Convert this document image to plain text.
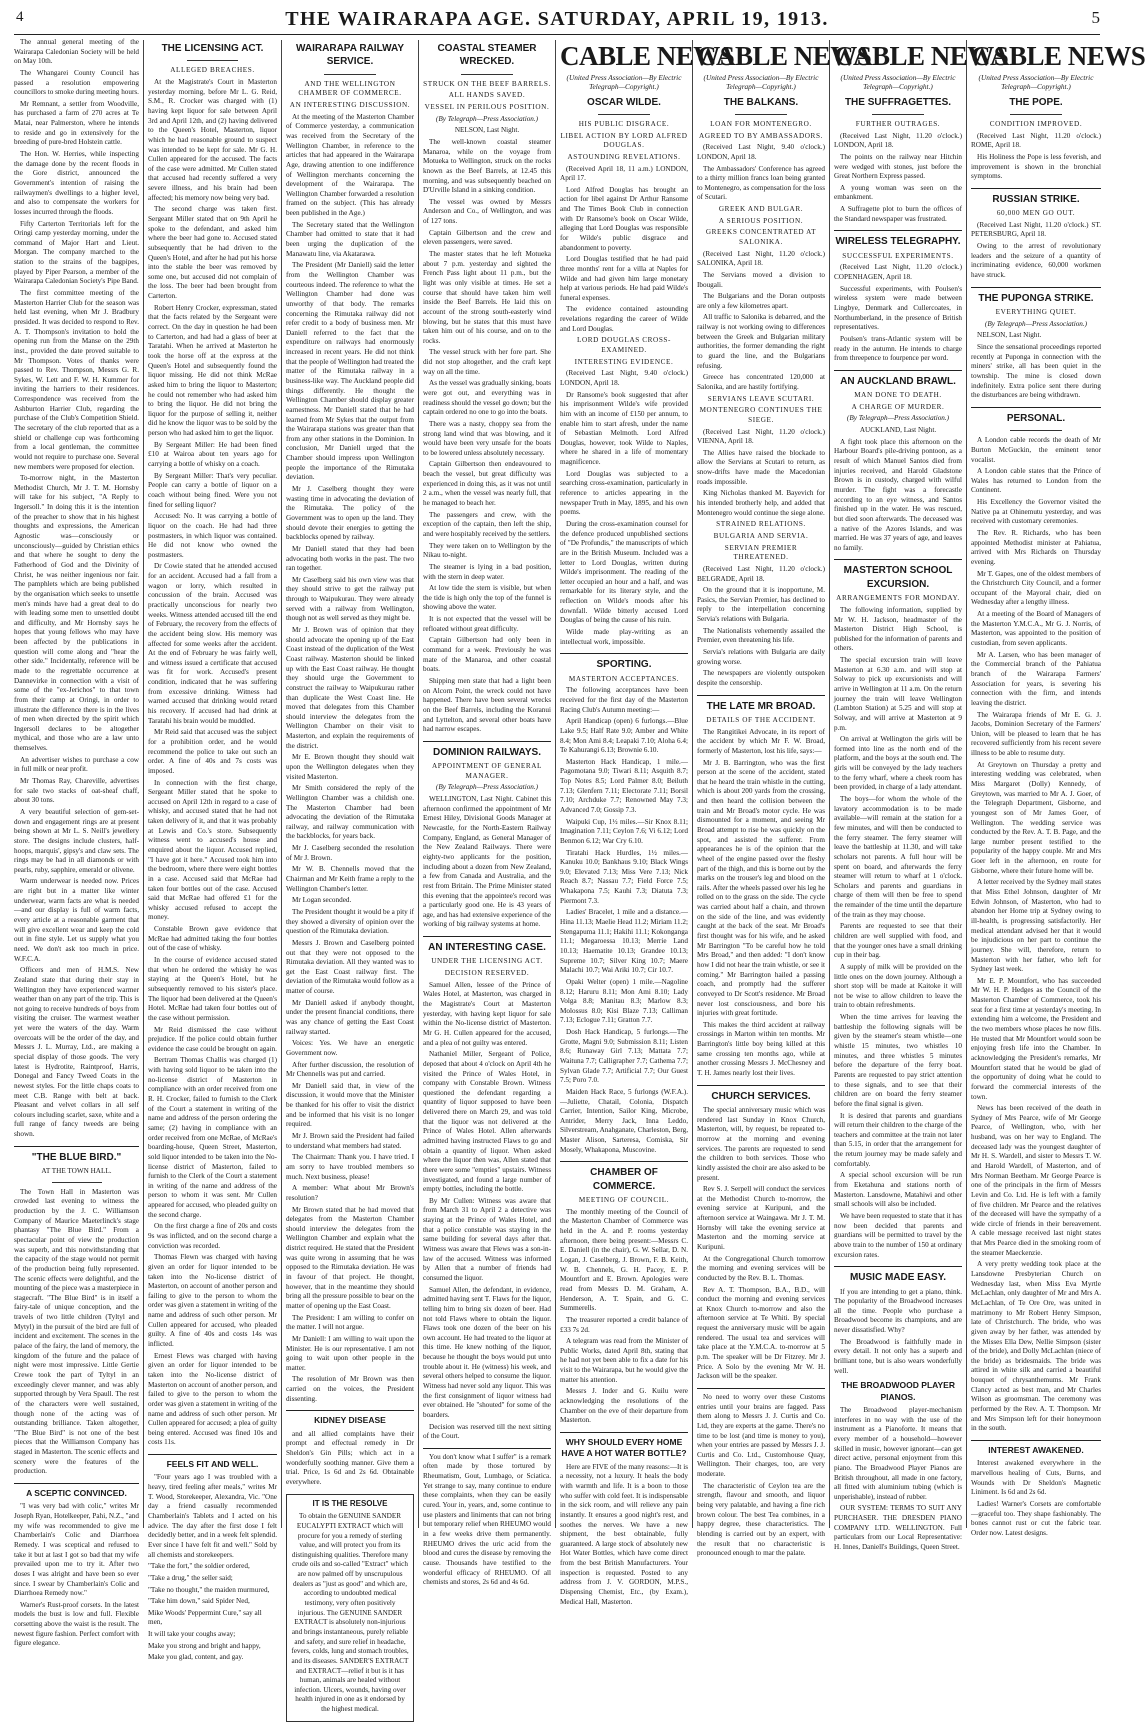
4	THE WAIRARAPA AGE. SATURDAY, APRIL 19, 1913.	5

The annual general meeting of the Wairarapa Caledonian Society will be held on May 10th.

The Whangarei County Council has passed a resolution empowering councillors to smoke during meeting hours.

Mr Remnant, a settler from Woodville, has purchased a farm of 270 acres at Te Matai, near Palmerston, where he intends to reside and go in extensively for the breeding of pure-bred Holstein cattle.

The Hon. W. Herries, while inspecting the damage done by the recent floods in the Gore district, announced the Government's intention of raising the railwaymen's dwellings to a higher level, and also to compensate the workers for losses incurred through the floods.

Fifty Carterton Territorials left for the Oringi camp yesterday morning, under the command of Major Hart and Lieut. Morgan. The company marched to the station to the strains of the bagpipes, played by Piper Pearson, a member of the Wairarapa Caledonian Society's Pipe Band.

The first committee meeting of the Masterton Harrier Club for the season was held last evening, when Mr J. Bradbury presided. It was decided to respond to Rev. A. T. Thompson's invitation to hold the opening run from the Manse on the 29th inst., provided the date proved suitable to Mr Thompson. Votes of thanks were passed to Rev. Thompson, Messrs G. R. Sykes, W. Lett and F. W. H. Kummer for inviting the harriers to their residences. Correspondence was received from the Ashburton Harrier Club, regarding the purchase of the Club's Competition Shield. The secretary of the club reported that as a shield or challenge cup was forthcoming from a local gentleman, the committee would not require to purchase one. Several new members were proposed for election.

To-morrow night, in the Masterton Methodist Church, Mr J. T. M. Hornsby will take for his subject, "A Reply to Ingersoll." In doing this it is the intention of the preacher to show that in his highest thoughts and expressions, the American Agnostic was—consciously or unconsciously—guided by Christian ethics and that where he sought to deny the Fatherhood of God and the Divinity of Christ, he was neither ingenious nor fair. The pamphlets which are being published by the organisation which seeks to unsettle men's minds have had a great deal to do with leading some men to unsettled doubt and difficulty, and Mr Hornsby says he hopes that young fellows who may have been affected by the publications in question will come along and "hear the other side." Incidentally, reference will be made to the regrettable occurrence at Dannevirke in connection with a visit of some of the "ex-Jerichos" to that town from their camp at Oringi, in order to illustrate the difference there is in the lives of men when directed by the spirit which Ingersoll declares to be altogether mythical, and those who are a law unto themselves.

An advertiser wishes to purchase a cow in full milk or near profit.

Mr Thomas Ray, Chareville, advertises for sale two stacks of oat-sheaf chaff, about 30 tons.

A very beautiful selection of gem-set-down and engagement rings are at present being shown at Mr L. S. Neill's jewellery store. The designs include clusters, half-hoops, marquis', gipsy's and claw sets. The rings may be had in all diamonds or with pearls, ruby, sapphire, emerald or olivene.

Warm underwear is needed now. Prices are right but in a matter like winter underwear, warm facts are what is needed—and our display is full of warm facts, every article at a reasonable garment that will give excellent wear and keep the cold out in fine style. Let us supply what you need. We don't ask too much in price. W.F.C.A.

Officers and men of H.M.S. New Zealand state that during their stay in Wellington they have experienced warmer weather than on any part of the trip. This is not going to receive hundreds of boys from visiting the cruiser. The warmest weather yet were the waters of the day. Warm overcoats will be the order of the day, and Messrs J. L. Murray, Ltd., are making a special display of those goods. The very latest is Hydrotite, Raintproof, Harris, Donegal and Fancy Tweed Coats in the newest styles. For the little chaps coats to meet C.B. Range with belt at back. Pleasant and velvet collars in all self colours including scarlet, saxe, white and a full range of fancy tweeds are being shown.

"THE BLUE BIRD."
AT THE TOWN HALL.

The Town Hall in Masterton was crowded last evening to witness the production by the J. C. Williamson Company of Maurice Maeterlinck's stage phantasy "The Blue Bird." From a spectacular point of view the production was superb, and this notwithstanding that the capacity of the stage would not permit of the production being fully represented. The scenic effects were delightful, and the mounting of the piece was a masterpiece in stagecraft. "The Blue Bird" is in itself a fairy-tale of unique conception, and the travels of two little children (Tyltyl and Mytyl) in the pursuit of the bird are full of incident and excitement. The scenes in the palace of the fairy, the land of memory, the kingdom of the future and the palace of night were most impressive. Little Gertie Crewe took the part of Tyltyl in an exceedingly clever manner, and was ably supported through by Vera Spaull. The rest of the characters were well sustained, though none of the acting was of outstanding brilliance. Taken altogether, "The Blue Bird" is not one of the best pieces that the Williamson Company has staged in Masterton. The scenic effects and scenery were the features of the production.

A SCEPTIC CONVINCED.

"I was very bad with colic," writes Mr Joseph Ryan, Hotelkeeper, Pahi, N.Z., "and my wife was recommended to give me Chamberlain's Colic and Diarrhoea Remedy. I was sceptical and refused to take it but at last I got so bad that my wife prevailed upon me to try it. After two doses I was alright and have been so ever since. I swear by Chamberlain's Colic and Diarrhoea Remedy now."

Warner's Rust-proof corsets. In the latest models the bust is low and full. Flexible corsetting above the waist is the result. The newest figure fashion. Perfect comfort with figure elegance.

THE LICENSING ACT.
ALLEGED BREACHES.

At the Magistrate's Court in Masterton yesterday morning, before Mr L. G. Reid, S.M., R. Crocker was charged with (1) having kept liquor for sale between April 3rd and April 12th, and (2) having delivered to the Queen's Hotel, Masterton, liquor which he had reasonable ground to suspect was intended to be kept for sale. Mr G. H. Cullen appeared for the accused. The facts of the case were admitted. Mr Cullen stated that accused had recently suffered a very severe illness, and his brain had been affected; his memory now being very bad.

The second charge was taken first. Sergeant Miller stated that on 9th April he spoke to the defendant, and asked him where the beer had gone to. Accused stated subsequently that he had driven to the Queen's Hotel, and after he had put his horse into the stable the beer was removed by some one, but accused did not complain of the loss. The beer had been brought from Carterton.

Robert Henry Crocker, expressman, stated that the facts related by the Sergeant were correct. On the day in question he had been to Carterton, and had had a glass of beer at Taratahi. When he arrived at Masterton he took the horse off at the express at the Queen's Hotel and subsequently found the liquor missing. He did not think McRae asked him to bring the liquor to Masterton; he could not remember who had asked him to bring the liquor. He did not bring the liquor for the purpose of selling it, neither did he know the liquor was to be sold by the person who had asked him to get the liquor.

By Sergeant Miller: He had been fined £10 at Wairoa about ten years ago for carrying a bottle of whisky on a coach.

By Sergeant Miller: That's very peculiar. People can carry a bottle of liquor on a coach without being fined. Were you not fined for selling liquor?

Accused: No. It was carrying a bottle of liquor on the coach. He had had three postmasters, in which liquor was contained. He did not know who owned the postmasters.

Dr Cowie stated that he attended accused for an accident. Accused had a fall from a wagon or lorry, which resulted in concussion of the brain. Accused was practically unconscious for nearly two weeks. Witness attended accused till the end of February, the recovery from the effects of the accident being slow. His memory was affected for some weeks after the accident. At the end of February he was fairly well, and witness issued a certificate that accused was fit for work. Accused's present condition, indicated that he was suffering from excessive drinking. Witness had warned accused that drinking would retard his recovery. If accused had had drink at Taratahi his brain would be muddled.

Mr Reid said that accused was the subject for a prohibition order, and he would recommend the police to take out such an order. A fine of 40s and 7s costs was imposed.

In connection with the first charge, Sergeant Miller stated that he spoke to accused on April 12th in regard to a case of whisky, and accused stated that he had not taken delivery of it, and that it was probably at Lewis and Co.'s store. Subsequently witness went to accused's house and enquired about the liquor. Accused replied, "I have got it here." Accused took him into the bedroom, where there were eight bottles in a case. Accused said that McRae had taken four bottles out of the case. Accused said that McRae had offered £1 for the whisky accused refused to accept the money.

Constable Brown gave evidence that McRae had admitted taking the four bottles out of the case of whisky.

In the course of evidence accused stated that when he ordered the whisky he was staying at the Queen's Hotel, but he subsequently removed to his sister's place. The liquor had been delivered at the Queen's Hotel. McRae had taken four bottles out of the case without permission.

Mr Reid dismissed the case without prejudice. If the police could obtain further evidence the case could be brought on again.

Bertram Thomas Challis was charged (1) with having sold liquor to be taken into the no-license district of Masterton in compliance with an order received from one R. H. Crocker, failed to furnish to the Clerk of the Court a statement in writing of the name and address of the person ordering the same; (2) having in compliance with an order received from one McRae, of McRae's boarding-house, Queen Street, Masterton, sold liquor intended to be taken into the No-license district of Masterton, failed to furnish to the Clerk of the Court a statement in writing of the name and address of the person to whom it was sent. Mr Cullen appeared for accused, who pleaded guilty on the second charge.

On the first charge a fine of 20s and costs 9s was inflicted, and on the second charge a conviction was recorded.

Thomas Flewn was charged with having given an order for liquor intended to be taken into the No-license district of Masterton, on account of another person and failing to give to the person to whom the order was given a statement in writing of the name and address of such other person. Mr Cullen appeared for accused, who pleaded guilty. A fine of 40s and costs 14s was inflicted.

Ernest Flews was charged with having given an order for liquor intended to be taken into the No-license district of Masterton on account of another person, and failed to give to the person to whom the order was given a statement in writing of the name and address of such other person. Mr Cullen appeared for accused; a plea of guilty being entered. Accused was fined 10s and costs 11s.

FEELS FIT AND WELL.

"Four years ago I was troubled with a heavy, tired feeling after meals," writes Mr T. Wood, Storekeeper, Alexandra, Vic. "One day a friend casually recommended Chamberlain's Tablets and I acted on his advice. The day after the first dose I felt decidedly better, and in a week felt splendid. Ever since I have felt fit and well." Sold by all chemists and storekeepers.

"Take the fort," the soldier ordered,

"Take a drug," the seller said;

"Take no thought," the maiden murmured,

"Take him down," said Spider Ned,

Mike Woods' Peppermint Cure," say all men,

It will take your coughs away;

Make you strong and bright and happy,

Make you glad, content, and gay.

WAIRARAPA RAILWAY SERVICE.
AND THE WELLINGTON CHAMBER OF COMMERCE.
AN INTERESTING DISCUSSION.

At the meeting of the Masterton Chamber of Commerce yesterday, a communication was received from the Secretary of the Wellington Chamber, in reference to the articles that had appeared in the Wairarapa Age, drawing attention to one indifference of Wellington merchants concerning the development of the Wairarapa. The Wellington Chamber forwarded a resolution framed on the subject. (This has already been published in the Age.)

The Secretary stated that the Wellington Chamber had omitted to state that it had been urging the duplication of the Manawatu line, via Akatarawa.

The President (Mr Daniell) said the letter from the Wellington Chamber was courteous indeed. The reference to what the Wellington Chamber had done was unworthy of that body. The remarks concerning the Rimutaka railway did not refer credit to a body of business men. Mr Daniell referred to the fact that the expenditure on railways had enormously increased in recent years. He did not think that the people of Wellington had treated the matter of the Rimutaka railway in a business-like way. The Auckland people did things differently. He thought the Wellington Chamber should display greater earnestness. Mr Daniell stated that he had learned from Mr Sykes that the output from the Wairarapa stations was greater than that from any other stations in the Dominion. In conclusion, Mr Daniell urged that the Chamber should impress upon Wellington people the importance of the Rimutaka deviation.

Mr J. Caselberg thought they were wasting time in advocating the deviation of the Rimutaka. The policy of the Government was to open up the land. They should devote their energies to getting the backblocks opened by railway.

Mr Daniell stated that they had been advocating both works in the past. The two ran together.

Mr Caselberg said his own view was that they should strive to get the railway put through to Waipukurau. They were already served with a railway from Wellington, though not as well served as they might be.

Mr J. Brown was of opinion that they should advocate the opening up of the East Coast instead of the duplication of the West Coast railway. Masterton should be linked up with the East Coast railway. He thought they should urge the Government to construct the railway to Waipukurau rather than duplicate the West Coast line. He moved that delegates from this Chamber should interview the delegates from the Wellington Chamber on their visit to Masterton, and explain the requirements of the district.

Mr E. Brown thought they should wait upon the Wellington delegates when they visited Masterton.

Mr Smith considered the reply of the Wellington Chamber was a childish one. The Masterton Chamber had been advocating the deviation of the Rimutaka railway, and railway communication with the backblocks, for years back.

Mr J. Caselberg seconded the resolution of Mr J. Brown.

Mr W. B. Chennells moved that the Chairman and Mr Keith frame a reply to the Wellington Chamber's letter.

Mr Logan seconded.

The President thought it would be a pity if they showed a diversity of opinion over the question of the Rimutaka deviation.

Messrs J. Brown and Caselberg pointed out that they were not opposed to the Rimutaka deviation. All they wanted was to get the East Coast railway first. The deviation of the Rimutaka would follow as a matter of course.

Mr Daniell asked if anybody thought, under the present financial conditions, there was any chance of getting the East Coast railway started.

Voices: Yes. We have an energetic Government now.

After further discussion, the resolution of Mr Chennells was put and carried.

Mr Daniell said that, in view of the discussion, it would move that the Minister be thanked for his offer to visit the district and be informed that his visit is no longer required.

Mr J. Brown said the President had failed to understand what members had stated.

The Chairman: Thank you. I have tried. I am sorry to have troubled members so much. Next business, please!

A member: What about Mr Brown's resolution?

Mr Brown stated that he had moved that delegates from the Masterton Chamber should interview the delegates from the Wellington Chamber and explain what the district required. He stated that the President was quite wrong in assuming that he was opposed to the Rimutaka deviation. He was in favour of that project. He thought, however, that in the meantime they should bring all the pressure possible to bear on the matter of opening up the East Coast.

The President: I am willing to confer on the matter. I will not argue.

Mr Daniell: I am willing to wait upon the Minister. He is our representative. I am not going to wait upon other people in the matter.

The resolution of Mr Brown was then carried on the voices, the President dissenting.

KIDNEY DISEASE

and all allied complaints have their prompt and effectual remedy in Dr Sheldon's Gin Pills; which act in a wonderfully soothing manner. Give them a trial. Price, 1s 6d and 2s 6d. Obtainable everywhere.

IT IS THE RESOLVE

To obtain the GENUINE SANDER EUCALYPTI EXTRACT which will procure for you a remedy of sterling value, and will protect you from its distinguishing qualities. Therefore many crude oils and so-called "Extract" which are now palmed off by unscrupulous dealers as "just as good" and which are, according to undoubted medical testimony, very often positively injurious. The GENUINE SANDER EXTRACT is absolutely non-injurious and brings instantaneous, purely reliable and safety, and sure relief in headache, fevers, colds, lung and stomach troubles, and its diseases. SANDER'S EXTRACT and EXTRACT—relief it but is it has human, animals are healed without infection. Ulcers, wounds, having over health injured in one as it endorsed by the highest medical.

COASTAL STEAMER WRECKED.
STRUCK ON THE BEEF BARRELS.
ALL HANDS SAVED.
VESSEL IN PERILOUS POSITION.
(By Telegraph—Press Association.)
NELSON, Last Night.

The well-known coastal steamer Manaroa, while on the voyage from Motueka to Wellington, struck on the rocks known as the Beef Barrels, at 12.45 this morning, and was subsequently beached on D'Urville Island in a sinking condition.

The vessel was owned by Messrs Anderson and Co., of Wellington, and was of 127 tons.

Captain Gilbertson and the crew and eleven passengers, were saved.

The master states that he left Motueka about 7 p.m. yesterday and sighted the French Pass light about 11 p.m., but the light was only visible at times. He set a course that should have taken him well inside the Beef Barrels. He laid this on account of the strong south-easterly wind blowing, but he states that this must have taken him out of his course, and on to the rocks.

The vessel struck with her fore part. She did not stop altogether, and the craft kept way on all the time.

As the vessel was gradually sinking, boats were got out, and everything was in readiness should the vessel go down; but the captain ordered no one to go into the boats.

There was a nasty, choppy sea from the strong land wind that was blowing, and it would have been very unsafe for the boats to be lowered unless absolutely necessary.

Captain Gilbertson then endeavoured to beach the vessel, but great difficulty was experienced in doing this, as it was not until 2 a.m., when the vessel was nearly full, that he managed to beach her.

The passengers and crew, with the exception of the captain, then left the ship, and were hospitably received by the settlers.

They were taken on to Wellington by the Nikau to-night.

The steamer is lying in a bad position, with the stern in deep water.

At low tide the stern is visible, but when the tide is high only the top of the funnel is showing above the water.

It is not expected that the vessel will be refloated without great difficulty.

Captain Gilbertson had only been in command for a week. Previously he was mate of the Manaroa, and other coastal boats.

Shipping men state that had a light been on Alcorn Point, the wreck could not have happened. There have been several wrecks on the Beef Barrels, including the Koranui and Lyttelton, and several other boats have had narrow escapes.

DOMINION RAILWAYS.
APPOINTMENT OF GENERAL MANAGER.
(By Telegraph—Press Association.)

WELLINGTON, Last Night. Cabinet this afternoon confirmed the appointment of Mr Ernest Hiley, Divisional Goods Manager at Newcastle, for the North-Eastern Railway Company, England, as General Manager of the New Zealand Railways. There were eighty-two applicants for the position, including about a dozen from New Zealand, a few from Canada and Australia, and the rest from Britain. The Prime Minister stated this evening that the appointee's record was a particularly good one. He is 43 years of age, and has had extensive experience of the working of big railway systems at home.

AN INTERESTING CASE.
UNDER THE LICENSING ACT.
DECISION RESERVED.

Samuel Allen, lessee of the Prince of Wales Hotel, at Masterton, was charged in the Magistrate's Court at Masterton yesterday, with having kept liquor for sale within the No-license district of Masterton. Mr G. H. Cullen appeared for the accused, and a plea of not guilty was entered.

Nathaniel Miller, Sergeant of Police, deposed that about 4 o'clock on April 4th he visited the Prince of Wales Hotel, in company with Constable Brown. Witness questioned the defendant regarding a quantity of liquor supposed to have been delivered there on March 29, and was told that the liquor was not delivered at the Prince of Wales Hotel. Allen afterwards admitted having instructed Flaws to go and obtain a quantity of liquor. When asked where the liquor then was, Allen stated that there were some "empties" upstairs. Witness investigated, and found a large number of empty bottles, including the bottle.

By Mr Cullen: Witness was aware that from March 31 to April 2 a detective was staying at the Prince of Wales Hotel, and that a police constable was staying in the same building for several days after that. Witness was aware that Flews was a son-in-law of the accused. Witness was informed by Allen that a number of friends had consumed the liquor.

Samuel Allen, the defendant, in evidence, admitted having sent T. Flaws for the liquor, telling him to bring six dozen of beer. Had not told Flaws where to obtain the liquor. Flaws took one dozen of the beer on his own account. He had treated to the liquor at this time. He knew nothing of the liquor, because he thought the boys would put unto trouble about it. He (witness) his week, and several others helped to consume the liquor. Witness had never sold any liquor. This was the first consignment of liquor witness had ever obtained. He "shouted" for some of the boarders.

Decision was reserved till the next sitting of the Court.

You don't know what I suffer" is a remark often made by those tortured by Rheumatism, Gout, Lumbago, or Sciatica. Yet strange to say, many continue to endure these complaints, when they can be easily cured. Your in, years, and, some continue to use plasters and liniments that can not bring but temporary relief when RHEUMO would in a few weeks drive them permanently. RHEUMO drives the uric acid from the blood and cures the disease by removing the cause. Thousands have testified to the wonderful efficacy of RHEUMO. Of all chemists and stores, 2s 6d and 4s 6d.

CABLE NEWS
(United Press Association—By Electric Telegraph—Copyright.)
OSCAR WILDE.
HIS PUBLIC DISGRACE.
LIBEL ACTION BY LORD ALFRED DOUGLAS.
ASTOUNDING REVELATIONS.

(Received April 18, 11 a.m.) LONDON, April 17.

Lord Alfred Douglas has brought an action for libel against Dr Arthur Ransome and The Times Book Club in connection with Dr Ransome's book on Oscar Wilde, alleging that Lord Douglas was responsible for Wilde's public disgrace and abandonment to poverty.

Lord Douglas testified that he had paid three months' rent for a villa at Naples for Wilde and had given him large monetary help at various periods. He had paid Wilde's funeral expenses.

The evidence contained astounding revelations regarding the career of Wilde and Lord Douglas.

LORD DOUGLAS CROSS-EXAMINED.
INTERESTING EVIDENCE.

(Received Last Night, 9.40 o'clock.) LONDON, April 18.

Dr Ransome's book suggested that after his imprisonment Wilde's wife provided him with an income of £150 per annum, to enable him to start afresh, under the name of Sebastian Melmoth. Lord Alfred Douglas, however, took Wilde to Naples, where he shared in a life of momentary magnificence.

Lord Douglas was subjected to a searching cross-examination, particularly in reference to articles appearing in the newspaper Truth in May, 1895, and his own poems.

During the cross-examination counsel for the defence produced unpublished sections of "De Profundis," the manuscripts of which are in the British Museum. Included was a letter to Lord Douglas, written during Wilde's imprisonment. The reading of the letter occupied an hour and a half, and was remarkable for its literary style, and the reflection on Wilde's moods after his downfall. Wilde bitterly accused Lord Douglas of being the cause of his ruin.

Wilde made play-writing as an intellectual work, impossible.

SPORTING.
MASTERTON ACCEPTANCES.

The following acceptances have been received for the first day of the Masterton Racing Club's Autumn meeting:—

April Handicap (open) 6 furlongs.—Blue Lake 9.5; Half Rate 9.0; Amber and White 8.4; Mon Ami 8.4; Leapaki 7.10; Aloha 6.4; Te Kahurangi 6.13; Brownie 6.10.

Masterton Hack Handicap, 1 mile.—Pagomotana 9.0; Tiwari 8.11; Asquith 8.7; Top Notes 8.5; Lord Palmer 8.0; Beiluth 7.13; Glenfern 7.11; Electorate 7.11; Borsil 7.10; Archduke 7.7; Renowned May 7.3; Advanced 7.0; Gossip 7.3.

Waipuki Cup, 1½ miles.—Sir Knox 8.11; Imagination 7.11; Ceylon 7.6; Vi 6.12; Lord Benmon 6.12; War Cry 6.10.

Tiratahi Hack Hurdles, 1½ miles.—Kanuku 10.0; Bankhaus 9.10; Black Wings 9.0; Elevated 7.13; Miss Vere 7.13; Nick Reach 8.7; Nassau 7.7; Field Force 7.5; Whakapona 7.5; Kauhi 7.3; Diatuta 7.3; Piermont 7.3.

Ladies' Bracelet, 1 mile and a distance.—Hina 11.13; Maelie Head 11.2; Miriam 11.2; Stengapuma 11.1; Hakihi 11.1; Kokonganga 11.1; Megaroessa 10.13; Merrie Land 10.13; Haematite 10.13; Grandee 10.13; Supreme 10.7; Silver King 10.7; Maere Malachi 10.7; Wai Ariki 10.7; Cir 10.7.

Opaki Welter (open) 1 mile.—Nagoline 8.12; Haruru 8.11; Mon Ami 8.10; Lady Volga 8.8; Manitau 8.3; Marlow 8.3; Molossus 8.0; Kisi Blaze 7.13; Calliman 7.13; Eclogue 7.11; Gratton 7.7.

Dosh Hack Handicap, 5 furlongs.—The Grotte, Magni 9.0; Submission 8.11; Listen 8.6; Runaway Girl 7.13; Mattata 7.7; Waituna 7.7; Calligrapher 7.7; Cathema 7.7; Sylvan Glade 7.7; Artificial 7.7; Our Guest 7.5; Poro 7.0.

Maiden Hack Race, 5 furlongs (W.F.A.).—Juliette, Chatail, Colonia, Dispatch Carrier, Intention, Sailor King, Microbe, Antrider, Merry Jack, Inna Leddo, Silverstream, Anahganate, Charleston, Berg, Master Alison, Sarteresa, Comiska, Sir Mosely, Whakapona, Muscovine.

CHAMBER OF COMMERCE.
MEETING OF COUNCIL.

The monthly meeting of the Council of the Masterton Chamber of Commerce was held in the A. and P. rooms yesterday afternoon, there being present:—Messrs C. E. Daniell (in the chair), G. W. Sellar, D. N. Logan, J. Caselberg, J. Brown, F. B. Keith, W. B. Chennels, G. H. Pacey, E. P. Mountfort and E. Brown. Apologies were read from Messrs D. M. Graham, A. Henderson, A. T. Spain, and G. C. Summerells.

The treasurer reported a credit balance of £33 7s 2d.

A telegram was read from the Minister of Public Works, dated April 8th, stating that he had not yet been able to fix a date for his visit to the Wairarapa, but he would give the matter his attention.

Messrs J. Inder and G. Kuilu were acknowledging the resolutions of the Chamber on the eve of their departure from Masterton.

WHY SHOULD EVERY HOME HAVE A HOT WATER BOTTLE?

Here are FIVE of the many reasons:—It is a necessity, not a luxury. It heals the body with warmth and life. It is a boon to those who suffer with cold feet. It is indispensable in the sick room, and will relieve any pain instantly. It ensures a good night's rest, and soothes the nerves. We have a new shipment, the best obtainable, fully guaranteed. A large stock of absolutely new Hot Water Bottles, which have come direct from the best British Manufacturers. Your inspection is requested. Posted to any address from J. V. GORDON, M.P.S., Dispensing Chemist, Etc., (by Exam.), Medical Hall, Masterton.

CABLE NEWS
(United Press Association—By Electric Telegraph—Copyright.)
THE BALKANS.
LOAN FOR MONTENEGRO.
AGREED TO BY AMBASSADORS.

(Received Last Night, 9.40 o'clock.) LONDON, April 18.

The Ambassadors' Conference has agreed to a thirty million francs loan being granted to Montenegro, as compensation for the loss of Scutari.

GREEK AND BULGAR.
A SERIOUS POSITION.
GREEKS CONCENTRATED AT SALONIKA.

(Received Last Night, 11.20 o'clock.) SALONIKA, April 18.

The Servians moved a division to Ibougali.

The Bulgarians and the Doran outposts are only a few kilometres apart.

All traffic to Salonika is debarred, and the railway is not working owing to differences between the Greek and Bulgarian military authorities, the former demanding the right to guard the line, and the Bulgarians refusing.

Greece has concentrated 120,000 at Salonika, and are hastily fortifying.

SERVIANS LEAVE SCUTARI.
MONTENEGRO CONTINUES THE SIEGE.

(Received Last Night, 11.20 o'clock.) VIENNA, April 18.

The Allies have raised the blockade to allow the Servians at Scutari to return, as snow-drifts have made the Macedonian roads impossible.

King Nicholas thanked M. Bayevich for his intended brotherly help, and added that Montenegro would continue the siege alone.

STRAINED RELATIONS.
BULGARIA AND SERVIA.
SERVIAN PREMIER THREATENED.

(Received Last Night, 11.20 o'clock.) BELGRADE, April 18.

On the ground that it is inopportune, M. Pasics, the Servian Premier, has declined to reply to the interpellation concerning Servia's relations with Bulgaria.

The Nationalists vehemently assailed the Premier, even threatening his life.

Servia's relations with Bulgaria are daily growing worse.

The newspapers are violently outspoken despite the censorship.

THE LATE MR BROAD.
DETAILS OF THE ACCIDENT.

The Rangitikei Advocate, in its report of the accident by which Mr F. W. Broad, formerly of Masterton, lost his life, says:—

Mr J. B. Barrington, who was the first person at the scene of the accident, stated that he heard the train whistle in the cutting, which is about 200 yards from the crossing, and then heard the collision between the train and Mr Broad's motor cycle. He was dismounted for a moment, and seeing Mr Broad attempt to rise he was quickly on the spot, and assisted the sufferer. From appearances he is of the opinion that the wheel of the engine passed over the fleshy part of the thigh, and this is borne out by the marks on the trouser's leg and blood on the rails. After the wheels passed over his leg he rolled on to the grass on the side. The cycle was carried about half a chain, and thrown on the side of the line, and was evidently caught at the back of the seat. Mr Broad's first thought was for his wife, and he asked Mr Barrington "To be careful how he told Mrs Broad," and then added: "I don't know how I did not hear the train whistle, or see it coming." Mr Barrington hailed a passing coach, and promptly had the sufferer conveyed to Dr Scott's residence. Mr Broad never lost consciousness, and bore his injuries with great fortitude.

This makes the third accident at railway crossings in Marton within ten months. Mr Barrington's little boy being killed at this same crossing ten months ago, while at another crossing Messrs J. McChesney and T. H. James nearly lost their lives.

CHURCH SERVICES.

The special anniversary music which was rendered last Sunday in Knox Church, Masterton, will, by request, be repeated to-morrow at the morning and evening services. The parents are requested to send the children to both services. Those who kindly assisted the choir are also asked to be present.

Rev S. J. Serpell will conduct the services at the Methodist Church to-morrow, the evening service at Kuripuni, and the afternoon service at Waingawa. Mr J. T. M. Hornsby will take the evening service at Masterton and the morning service at Kuripuni.

At the Congregational Church tomorrow the morning and evening services will be conducted by the Rev. B. L. Thomas.

Rev A. T. Thompson, B.A., B.D., will conduct the morning and evening services at Knox Church to-morrow and also the afternoon service at Te Whiti. By special request the anniversary music will be again rendered. The usual tea and services will take place at the Y.M.C.A. to-morrow at 5 p.m. The speaker will be Dr Fitzrey. Mr J. Price. A Solo by the evening Mr W. H. Jackson will be the speaker.

No need to worry over these Customs entries until your brains are fagged. Pass them along to Messrs J. J. Curtis and Co. Ltd, they are experts at the game. There's no time to be lost (and time is money to you), when your entries are passed by Messrs J. J. Curtis and Co. Ltd., Customhouse Quay, Wellington. Their charges, too, are very moderate.

The characteristic of Ceylon tea are the strength, flavour and smooth, and liquor being very palatable, and having a fine rich brown colour. The best Tea combines, in a happy degree, these characteristics. The blending is carried out by an expert, with the result that no characteristic is pronounced enough to mar the palate.

CABLE NEWS
(United Press Association—By Electric Telegraph—Copyright.)
THE SUFFRAGETTES.
FURTHER OUTRAGES.

(Received Last Night, 11.20 o'clock.) LONDON, April 18.

The points on the railway near Hitchin were wedged with stones, just before the Great Northern Express passed.

A young woman was seen on the embankment.

A Suffragette plot to burn the offices of the Standard newspaper was frustrated.

WIRELESS TELEGRAPHY.
SUCCESSFUL EXPERIMENTS.

(Received Last Night, 11.20 o'clock.) COPENHAGEN, April 18.

Successful experiments, with Poulsen's wireless system were made between Lingbye, Denmark and Cullercoates, in Northumberland, in the presence of British representatives.

Poulsen's trans-Atlantic system will be ready in the autumn. He intends to charge from threepence to fourpence per word.

AN AUCKLAND BRAWL.
MAN DONE TO DEATH.
A CHARGE OF MURDER.
(By Telegraph—Press Association.)
AUCKLAND, Last Night.

A fight took place this afternoon on the Harbour Board's pile-driving pontoon, as a result of which Manuel Santos died from injuries received, and Harold Gladstone Brown is in custody, charged with wilful murder. The fight was a forecastle according to an eye witness, and Santos finished up in the water. He was rescued, but died soon afterwards. The deceased was a native of the Azores Islands, and was married. He was 37 years of age, and leaves no family.

MASTERTON SCHOOL EXCURSION.
ARRANGEMENTS FOR MONDAY.

The following information, supplied by Mr W. H. Jackson, headmaster of the Masterton District High School, is published for the information of parents and others.

The special excursion train will leave Masterton at 6.30 a.m. and will stop at Solway to pick up excursionists and will arrive in Wellington at 11 a.m. On the return journey the train will leave Wellington (Lambton Station) at 5.25 and will stop at Solway, and will arrive at Masterton at 9 p.m.

On arrival at Wellington the girls will be formed into line as the north end of the platform, and the boys at the south end. The girls will be conveyed by the lady teachers to the ferry wharf, where a cheek room has been provided, in charge of a lady attendant.

The boys—for whom the whole of the lavatory accommodation is to be made available—will remain at the station for a few minutes, and will then be conducted to the ferry steamer. The ferry steamer will leave the battleship at 11.30, and will take scholars not parents. A full hour will be spent on board, and afterwards the ferry steamer will return to wharf at 1 o'clock. Scholars and parents and guardians in charge of them will then be free to spend the remainder of the time until the departure of the train as they may choose.

Parents are requested to see that their children are well supplied with food, and that the younger ones have a small drinking cup in their bag.

A supply of milk will be provided on the little ones on the down journey. Although a short stop will be made at Kaitoke it will not be wise to allow children to leave the train to obtain refreshments.

When the time arrives for leaving the battleship the following signals will be given by the steamer's steam whistle—one whistle 15 minutes, two whistles 10 minutes, and three whistles 5 minutes before the departure of the ferry boat. Parents are requested to pay strict attention to these signals, and to see that their children are on board the ferry steamer before the final signal is given.

It is desired that parents and guardians will return their children to the charge of the teachers and committee at the train not later than 5.15, in order that the arrangement for the return journey may be made safely and comfortably.

A special school excursion will be run from Eketahuna and stations north of Masterton. Lansdowne, Matahiwi and other small schools will also be included.

We have been requested to state that it has now been decided that parents and guardians will be permitted to travel by the above train to the number of 150 at ordinary excursion rates.

MUSIC MADE EASY.

If you are intending to get a piano, think. The popularity of the Broadwood increases all the time. People who purchase a Broadwood become its champions, and are never dissatisfied. Why?

The Broadwood is faithfully made in every detail. It not only has a superb and brilliant tone, but is also wears wonderfully well.

THE BROADWOOD PLAYER PIANOS.

The Broadwood player-mechanism interferes in no way with the use of the instrument as a Pianoforte. It means that every member of a household—however skilled in music, however ignorant—can get direct active, personal enjoyment from this piano. The Broadwood Player Pianos are British throughout, all made in one factory, all fitted with aluminium tubing (which is unperishable), instead of rubber.

OUR SYSTEM: TERMS TO SUIT ANY PURCHASER. THE DRESDEN PIANO COMPANY LTD. WELLINGTON. Full particulars from our Local Representative: H. Innes, Daniell's Buildings, Queen Street.

CABLE NEWS
(United Press Association—By Electric Telegraph—Copyright.)
THE POPE.
CONDITION IMPROVED.

(Received Last Night, 11.20 o'clock.) ROME, April 18.

His Holiness the Pope is less feverish, and improvement is shown in the bronchial symptoms.

RUSSIAN STRIKE.
60,000 MEN GO OUT.

(Received Last Night, 11.20 o'clock.) ST. PETERSBURG, April 18.

Owing to the arrest of revolutionary leaders and the seizure of a quantity of incriminating evidence, 60,000 workmen have struck.

THE PUPONGA STRIKE.
EVERYTHING QUIET.
(By Telegraph—Press Association.)

NELSON, Last Night.

Since the sensational proceedings reported recently at Puponga in connection with the miners' strike, all has been quiet in the township. The mine is closed down indefinitely. Extra police sent there during the disturbances are being withdrawn.

PERSONAL.

A London cable records the death of Mr Burton McGuckin, the eminent tenor vocalist.

A London cable states that the Prince of Wales has returned to London from the Continent.

His Excellency the Governor visited the Native pa at Ohinemutu yesterday, and was received with customary ceremonies.

The Rev. R. Richards, who has been appointed Methodist minister at Pahiatua, arrived with Mrs Richards on Thursday evening.

Mr T. Gapes, one of the oldest members of the Christchurch City Council, and a former occupant of the Mayoral chair, died on Wednesday after a lengthy illness.

At a meeting of the Board of Managers of the Masterton Y.M.C.A., Mr G. J. Norris, of Masterton, was appointed to the position of custodian, from seven applicants.

Mr A. Larsen, who has been manager of the Commercial branch of the Pahiatua branch of the Wairarapa Farmers' Association for years, is severing his connection with the firm, and intends leaving the district.

The Wairarapa friends of Mr E. G. J. Jacobs, Dominion Secretary of the Farmers' Union, will be pleased to learn that he has recovered sufficiently from his recent severe illness to be able to resume duty.

At Greytown on Thursday a pretty and interesting wedding was celebrated, when Miss Margaret (Dolly) Kennedy, of Greytown, was married to Mr A. J. Goer, of the Telegraph Department, Gisborne, and youngest son of Mr James Goer, of Wellington. The wedding service was conducted by the Rev. A. T. B. Page, and the large number present testified to the popularity of the happy couple. Mr and Mrs Goer left in the afternoon, en route for Gisborne, where their future home will be.

A letter received by the Sydney mail states that Miss Ethel Johnson, daughter of Mr Edwin Johnson, of Masterton, who had to abandon her Home trip at Sydney owing to ill-health, is progressing satisfactorily. Her medical attendant advised her that it would be injudicious on her part to continue the journey. She will, therefore, return to Masterton with her father, who left for Sydney last week.

Mr E. P. Mountfort, who has succeeded Mr W. H. P. Hedges as the Council of the Masterton Chamber of Commerce, took his seat for a first time at yesterday's meeting. In extending him a welcome, the President and the two members whose places he now fills. He trusted that Mr Mountfort would soon be enjoying fresh life into the Chamber. In acknowledging the President's remarks, Mr Mountfort stated that he would be glad of the opportunity of doing what he could to forward the commercial interests of the town.

News has been received of the death in Sydney of Mrs Pearce, wife of Mr George Pearce, of Wellington, who, with her husband, was on her way to England. The deceased lady was the youngest daughter of Mr H. S. Wardell, and sister to Messrs T. W. and Harold Wardell, of Masterton, and of Mrs Norman Beetham. Mr George Pearce is one of the principals in the firm of Messrs Levin and Co. Ltd. He is left with a family of five children. Mr Pearce and the relatives of the deceased will have the sympathy of a wide circle of friends in their bereavement. A cable message received last night states that Mrs Pearce died in the smoking room of the steamer Maeckenzie.

A very pretty wedding took place at the Lansdowne Presbyterian Church on Wednesday last, when Miss Eva Myrtle McLachlan, only daughter of Mr and Mrs A. McLachlan, of Te Ore Ore, was united in matrimony to Mr Robert Henry Simpson, late of Christchurch. The bride, who was given away by her father, was attended by the Misses Ella Dew, Nellie Simpson (sister of the bride), and Dolly McLachlan (niece of the bride) as bridesmaids. The bride was attired in white silk and carried a beautiful bouquet of chrysanthemums. Mr Frank Clancy acted as best man, and Mr Charles Wilson as groomsman. The ceremony was performed by the Rev. A. T. Thompson. Mr and Mrs Simpson left for their honeymoon in the south.

INTEREST AWAKENED.

Interest awakened everywhere in the marvellous healing of Cuts, Burns, and Wounds with Dr Sheldon's Magnetic Liniment. Is 6d and 2s 6d.

Ladies! Warner's Corsets are comfortable—graceful too. They shape fashionably. The bones cannot rust or cut the fabric tear. Order now. Latest designs.
